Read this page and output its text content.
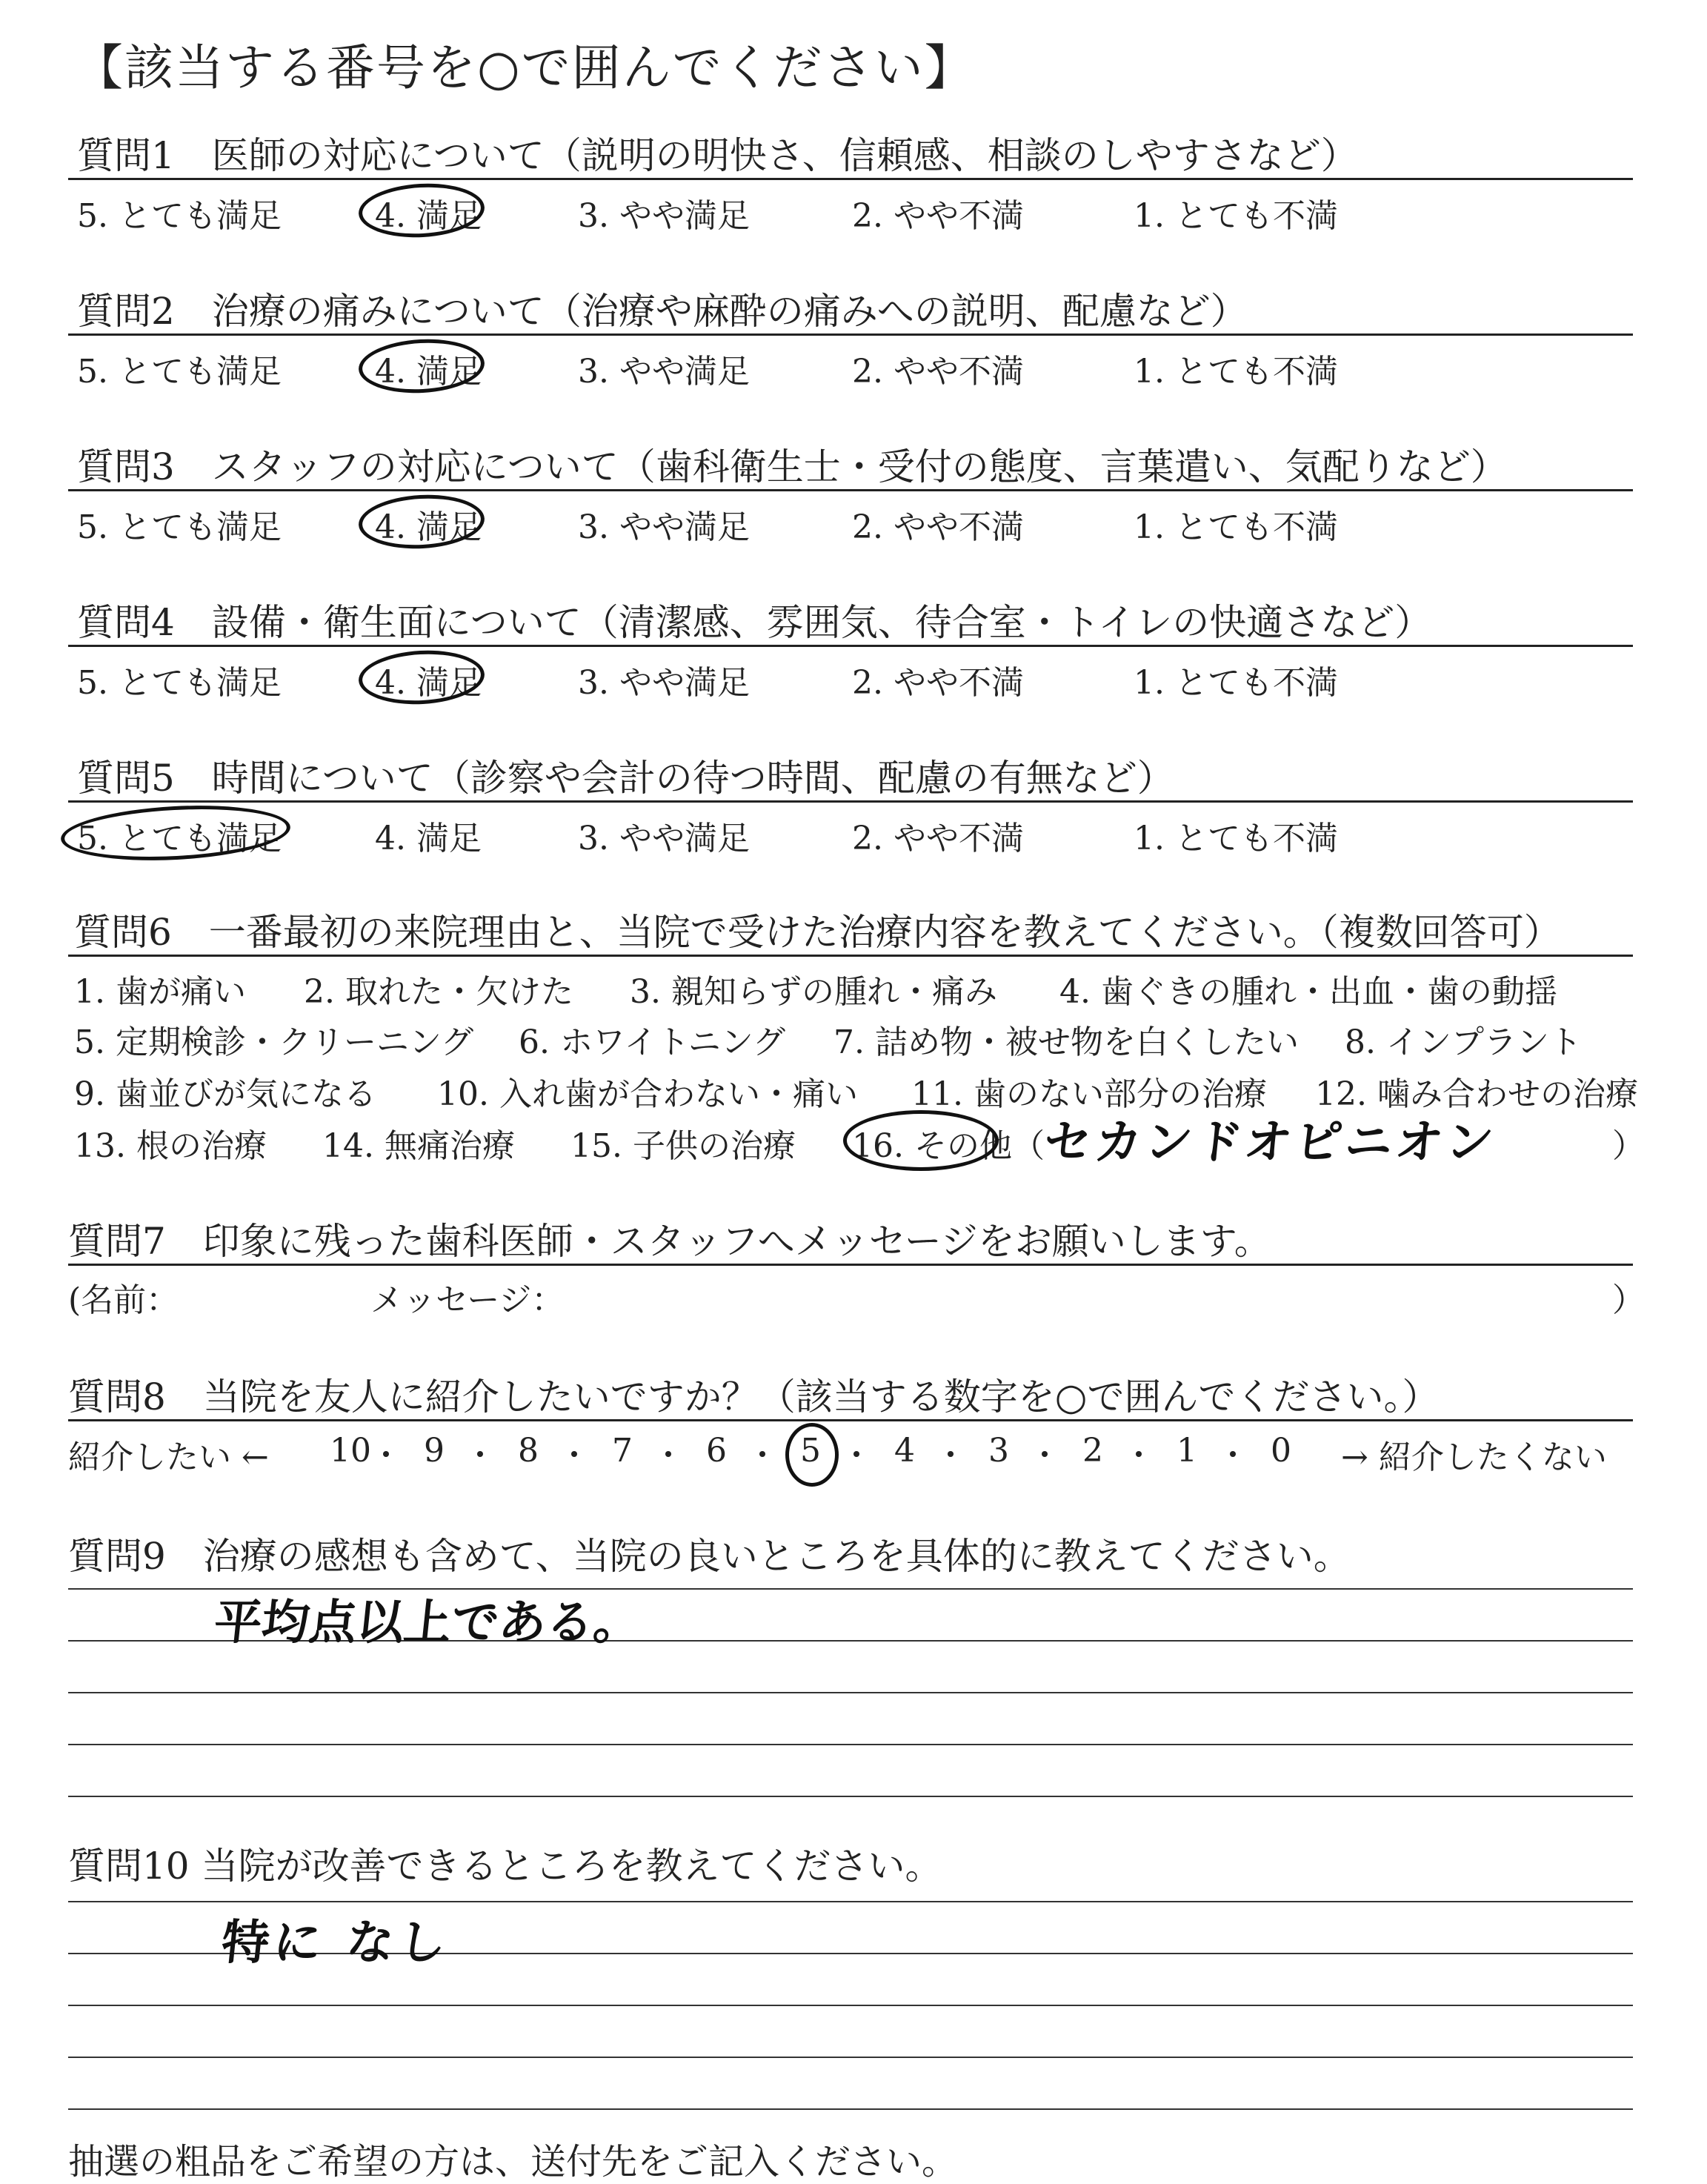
【該当する番号を○で囲んでください】
質問1　医師の対応について（説明の明快さ、信頼感、相談のしやすさなど）
5. とても満足	4. 満足	3. やや満足	2. やや不満	1. とても不満
質問2　治療の痛みについて（治療や麻酔の痛みへの説明、配慮など）
5. とても満足	4. 満足	3. やや満足	2. やや不満	1. とても不満
質問3　スタッフの対応について（歯科衛生士・受付の態度、言葉遣い、気配りなど）
5. とても満足	4. 満足	3. やや満足	2. やや不満	1. とても不満
質問4　設備・衛生面について（清潔感、雰囲気、待合室・トイレの快適さなど）
5. とても満足	4. 満足	3. やや満足	2. やや不満	1. とても不満
質問5　時間について（診察や会計の待つ時間、配慮の有無など）
5. とても満足	4. 満足	3. やや満足	2. やや不満	1. とても不満
質問6　一番最初の来院理由と、当院で受けた治療内容を教えてください。（複数回答可）
1. 歯が痛い 2. 取れた・欠けた 3. 親知らずの腫れ・痛み 4. 歯ぐきの腫れ・出血・歯の動揺
5. 定期検診・クリーニング 6. ホワイトニング 7. 詰め物・被せ物を白くしたい 8. インプラント
9. 歯並びが気になる 10. 入れ歯が合わない・痛い 11. 歯のない部分の治療 12. 噛み合わせの治療
13. 根の治療 14. 無痛治療 15. 子供の治療 16. その他（	）
セカンドオピニオン
質問7　印象に残った歯科医師・スタッフへメッセージをお願いします。
(名前：	メッセージ：	）
質問8　当院を友人に紹介したいですか？（該当する数字を○で囲んでください。）
紹介したい ←	→ 紹介したくない
10 9 8 7 6 5 4 3 2 1 0
質問9　治療の感想も含めて、当院の良いところを具体的に教えてください。
平均点以上である。
質問10 当院が改善できるところを教えてください。
特に なし
抽選の粗品をご希望の方は、送付先をご記入ください。
